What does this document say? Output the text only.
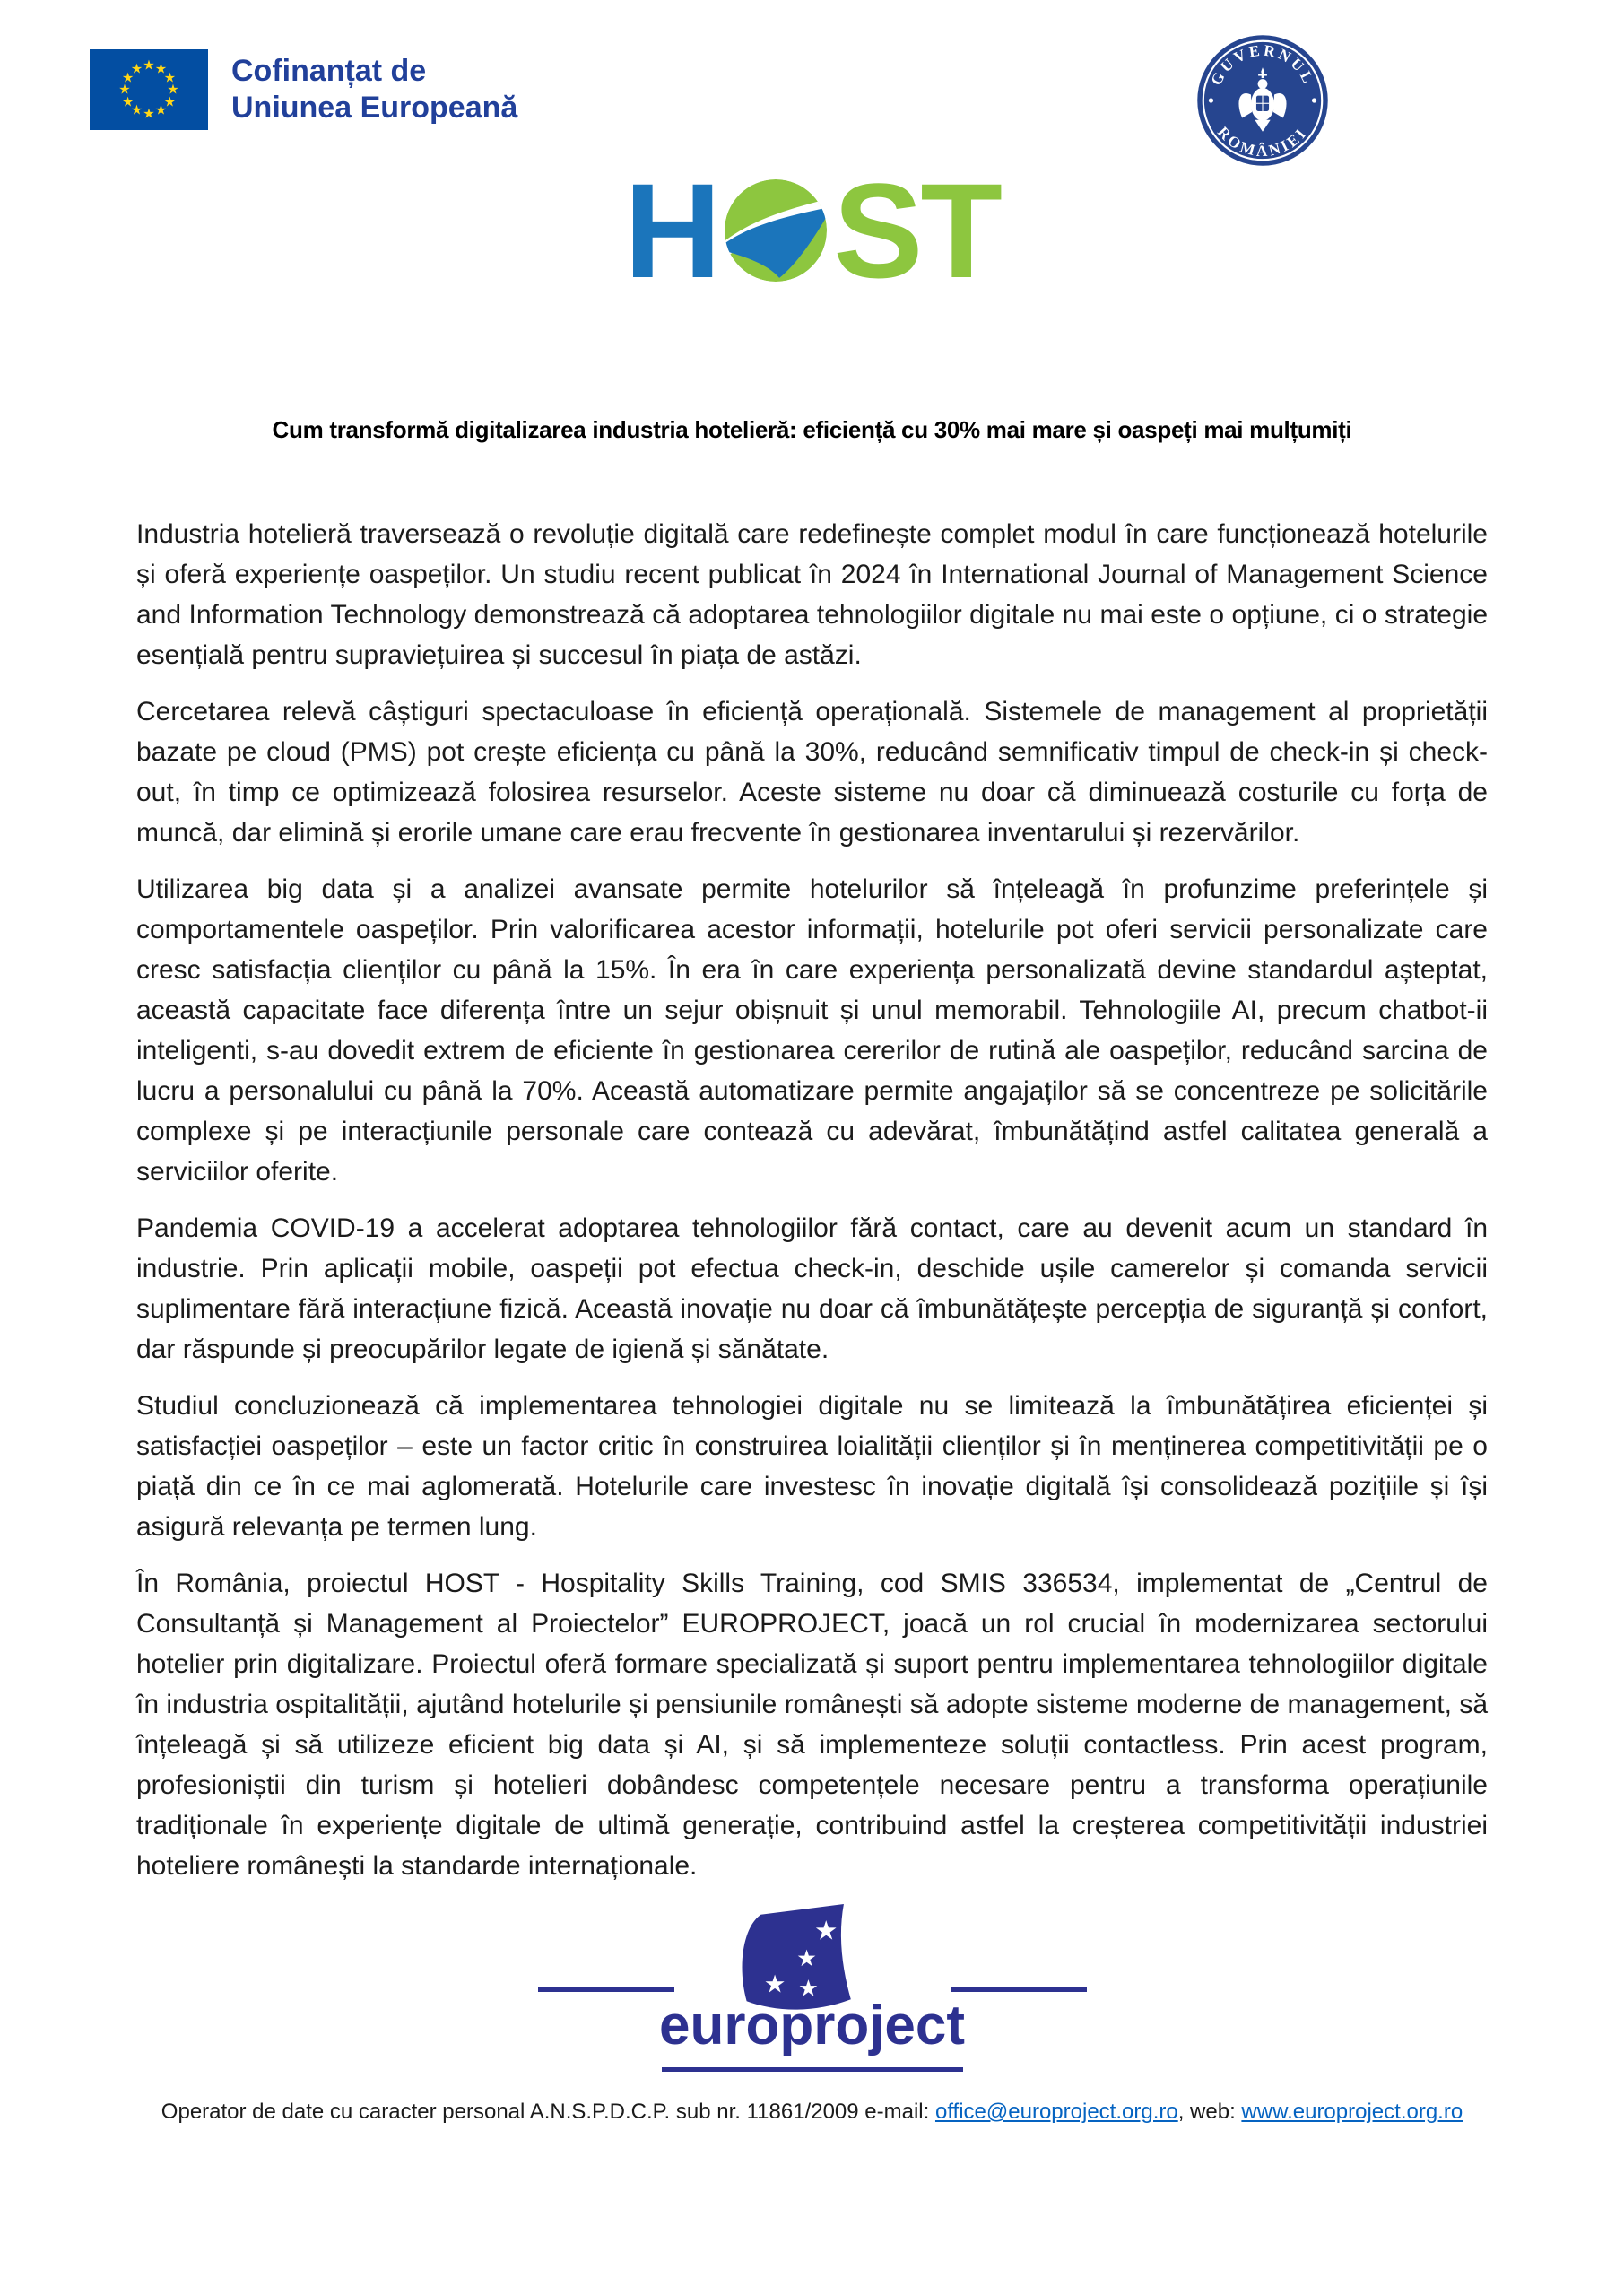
★ ★
★
★
★
★
★
★
★
★
★
★	Cofinanțat de
Uniunea Europeană
GUVERNUL
ROMÂNIEI
H ST
Cum transformă digitalizarea industria hotelieră: eficiență cu 30% mai mare și oaspeți mai mulțumiți

Industria hotelieră traversează o revoluție digitală care redefinește complet modul în care funcționează hotelurile și oferă experiențe oaspeților. Un studiu recent publicat în 2024 în International Journal of Management Science and Information Technology demonstrează că adoptarea tehnologiilor digitale nu mai este o opțiune, ci o strategie esențială pentru supraviețuirea și succesul în piața de astăzi.

Cercetarea relevă câștiguri spectaculoase în eficiență operațională. Sistemele de management al proprietății bazate pe cloud (PMS) pot crește eficiența cu până la 30%, reducând semnificativ timpul de check-in și check-out, în timp ce optimizează folosirea resurselor. Aceste sisteme nu doar că diminuează costurile cu forța de muncă, dar elimină și erorile umane care erau frecvente în gestionarea inventarului și rezervărilor.

Utilizarea big data și a analizei avansate permite hotelurilor să înțeleagă în profunzime preferințele și comportamentele oaspeților. Prin valorificarea acestor informații, hotelurile pot oferi servicii personalizate care cresc satisfacția clienților cu până la 15%. În era în care experiența personalizată devine standardul așteptat, această capacitate face diferența între un sejur obișnuit și unul memorabil. Tehnologiile AI, precum chatbot-ii inteligenti, s-au dovedit extrem de eficiente în gestionarea cererilor de rutină ale oaspeților, reducând sarcina de lucru a personalului cu până la 70%. Această automatizare permite angajaților să se concentreze pe solicitările complexe și pe interacțiunile personale care contează cu adevărat, îmbunătățind astfel calitatea generală a serviciilor oferite.

Pandemia COVID-19 a accelerat adoptarea tehnologiilor fără contact, care au devenit acum un standard în industrie. Prin aplicații mobile, oaspeții pot efectua check-in, deschide ușile camerelor și comanda servicii suplimentare fără interacțiune fizică. Această inovație nu doar că îmbunătățește percepția de siguranță și confort, dar răspunde și preocupărilor legate de igienă și sănătate.

Studiul concluzionează că implementarea tehnologiei digitale nu se limitează la îmbunătățirea eficienței și satisfacției oaspeților – este un factor critic în construirea loialității clienților și în menținerea competitivității pe o piață din ce în ce mai aglomerată. Hotelurile care investesc în inovație digitală își consolidează pozițiile și își asigură relevanța pe termen lung.

În România, proiectul HOST - Hospitality Skills Training, cod SMIS 336534, implementat de „Centrul de Consultanță și Management al Proiectelor” EUROPROJECT, joacă un rol crucial în modernizarea sectorului hotelier prin digitalizare. Proiectul oferă formare specializată și suport pentru implementarea tehnologiilor digitale în industria ospitalității, ajutând hotelurile și pensiunile românești să adopte sisteme moderne de management, să înțeleagă și să utilizeze eficient big data și AI, și să implementeze soluții contactless. Prin acest program, profesioniștii din turism și hotelieri dobândesc competențele necesare pentru a transforma operațiunile tradiționale în experiențe digitale de ultimă generație, contribuind astfel la creșterea competitivității industriei hoteliere românești la standarde internaționale.

★
★
★ ★
europroject
Operator de date cu caracter personal A.N.S.P.D.C.P. sub nr. 11861/2009 e-mail: office@europroject.org.ro, web: www.europroject.org.ro
